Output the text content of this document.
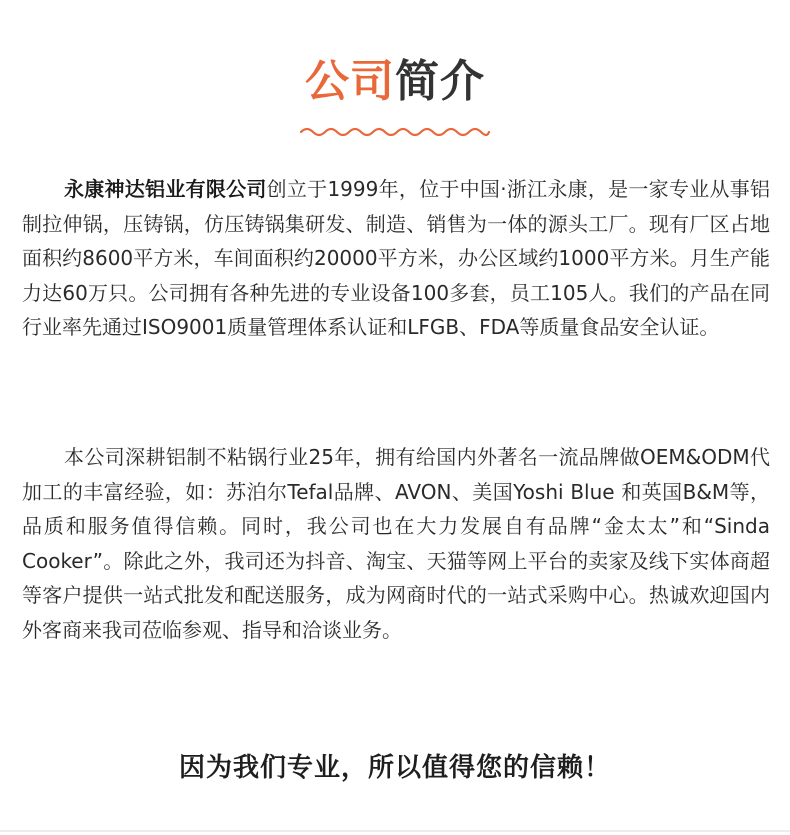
公司简介

永康神达铝业有限公司创立于1999年，位于中国·浙江永康，是一家专业从事铝制拉伸锅，压铸锅，仿压铸锅集研发、制造、销售为一体的源头工厂。现有厂区占地面积约8600平方米，车间面积约20000平方米，办公区域约1000平方米。月生产能力达60万只。公司拥有各种先进的专业设备100多套，员工105人。我们的产品在同行业率先通过ISO9001质量管理体系认证和LFGB、FDA等质量食品安全认证。

本公司深耕铝制不粘锅行业25年，拥有给国内外著名一流品牌做OEM&ODM代加工的丰富经验，如：苏泊尔Tefal品牌、AVON、美国Yoshi Blue 和英国B&M等，品质和服务值得信赖。同时，我公司也在大力发展自有品牌“金太太”和“Sinda Cooker”。除此之外，我司还为抖音、淘宝、天猫等网上平台的卖家及线下实体商超等客户提供一站式批发和配送服务，成为网商时代的一站式采购中心。热诚欢迎国内外客商来我司莅临参观、指导和洽谈业务。

因为我们专业，所以值得您的信赖！
